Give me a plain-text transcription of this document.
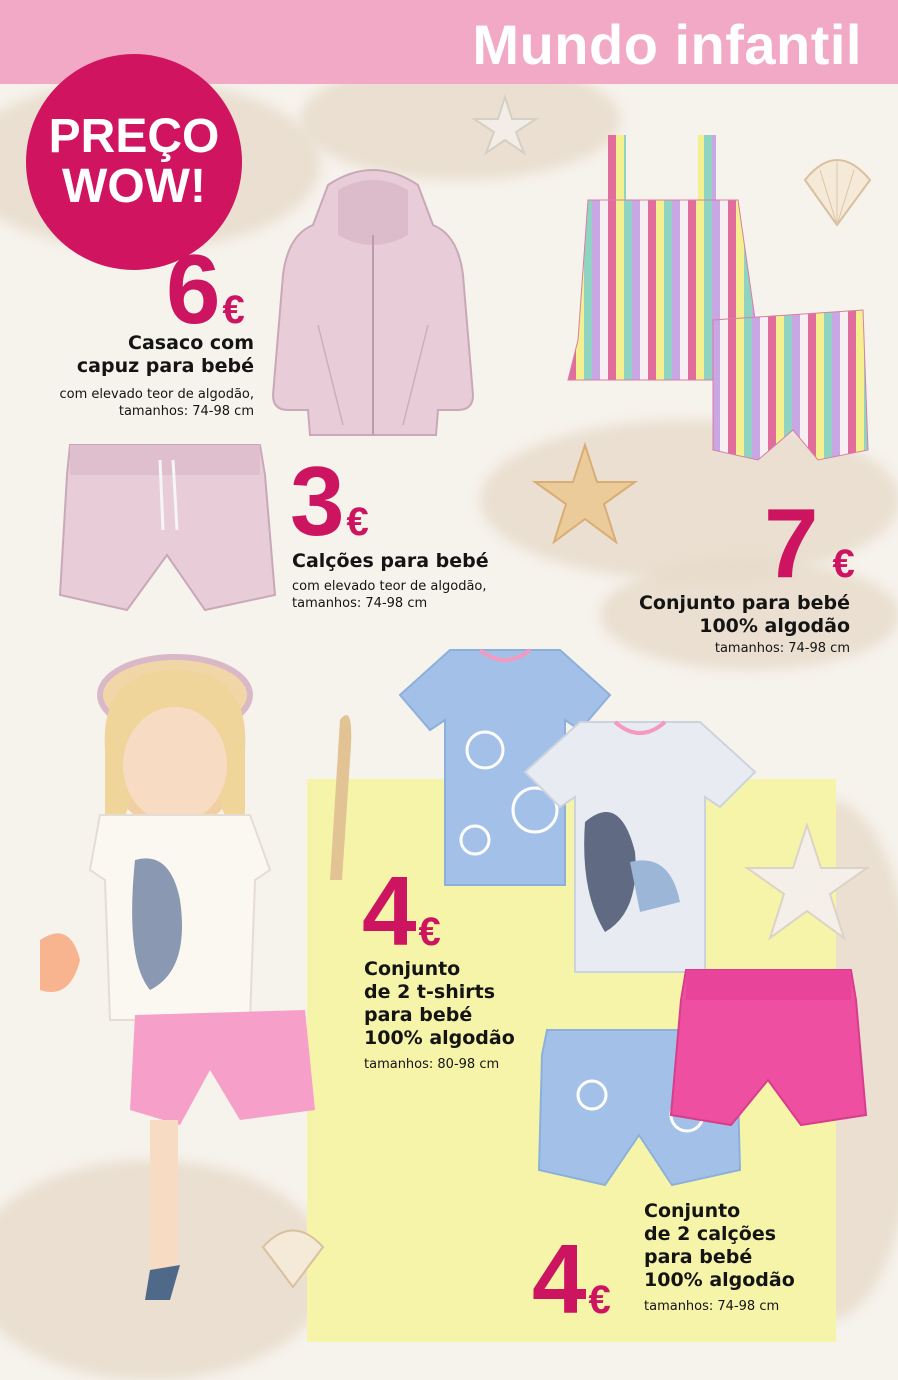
Mundo infantil
PREÇO
WOW!
6€
Casaco com
capuz para bebé
com elevado teor de algodão,
tamanhos: 74-98 cm
3€
Calções para bebé
com elevado teor de algodão,
tamanhos: 74-98 cm
7 €
Conjunto para bebé
100% algodão
tamanhos: 74-98 cm
4€
Conjunto
de 2 t-shirts
para bebé
100% algodão
tamanhos: 80-98 cm
4€
Conjunto
de 2 calções
para bebé
100% algodão
tamanhos: 74-98 cm
